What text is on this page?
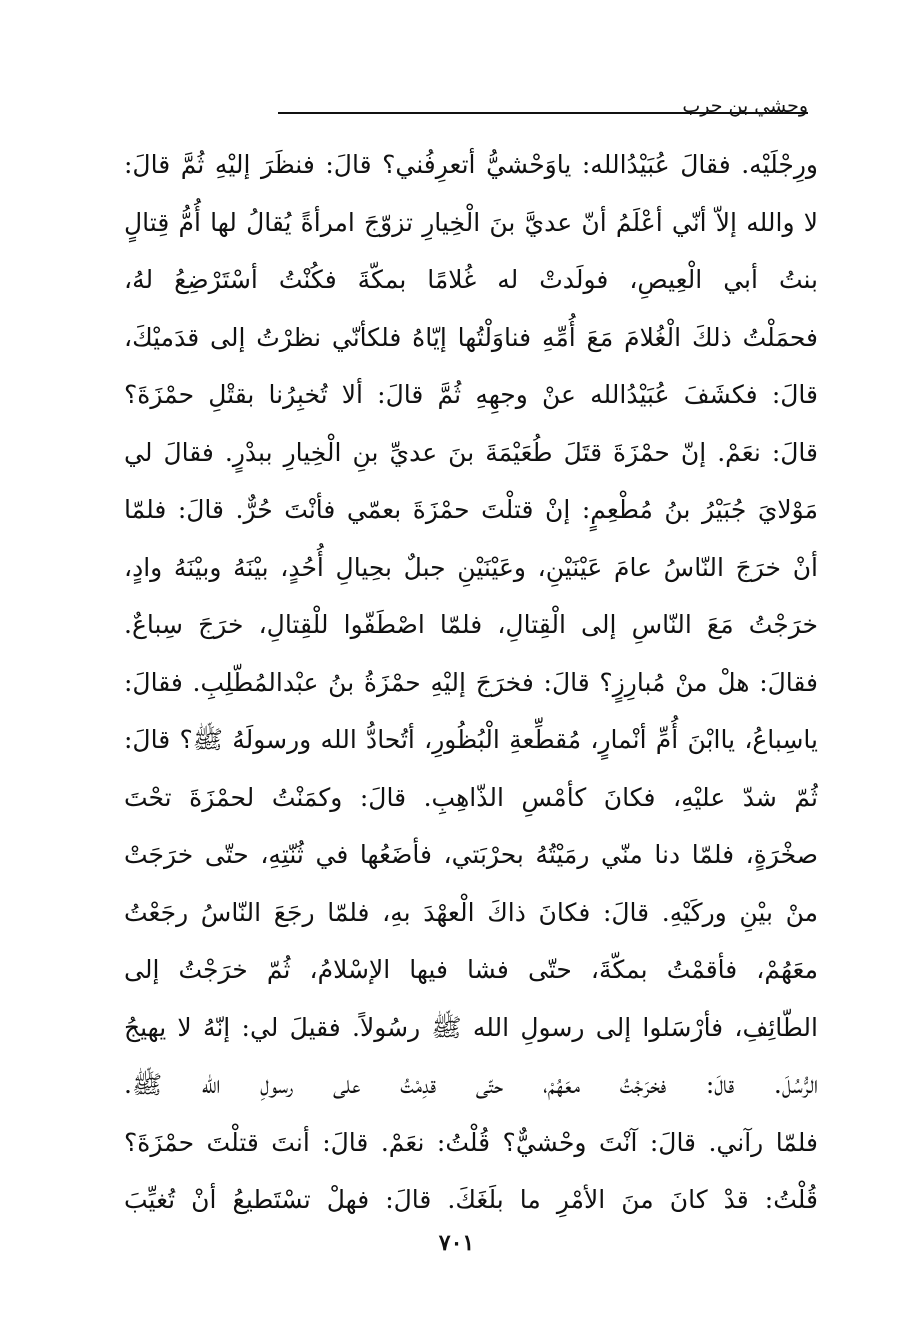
وحشي بن حرب
ورِجْلَيْه. فقالَ عُبَيْدُالله: ياوَحْشيُّ أتعرِفُني؟ قالَ: فنظَرَ إليْهِ ثُمَّ قالَ:
لا والله إلاّ أنّي أعْلَمُ أنّ عديَّ بنَ الْخِيارِ تزوّجَ امرأةً يُقالُ لها أُمُّ قِتالٍ
بنتُ أبي الْعِيصِ، فولَدتْ له غُلامًا بمكّةَ فكُنْتُ أسْتَرْضِعُ لهُ،
فحمَلْتُ ذلكَ الْغُلامَ مَعَ أُمِّهِ فناوَلْتُها إيّاهُ فلكأنّي نظرْتُ إلى قدَميْكَ،
قالَ: فكشَفَ عُبَيْدُالله عنْ وجهِهِ ثُمَّ قالَ: ألا تُخبِرُنا بقتْلِ حمْزَةَ؟
قالَ: نعَمْ. إنّ حمْزَةَ قتَلَ طُعَيْمَةَ بنَ عديِّ بنِ الْخِيارِ ببدْرٍ. فقالَ لي
مَوْلايَ جُبَيْرُ بنُ مُطْعِمٍ: إنْ قتلْتَ حمْزَةَ بعمّي فأنْتَ حُرٌّ. قالَ: فلمّا
أنْ خرَجَ النّاسُ عامَ عَيْنَيْنِ، وعَيْنَيْنِ جبلٌ بحِيالِ أُحُدٍ، بيْنَهُ وبيْنَهُ وادٍ،
خرَجْتُ مَعَ النّاسِ إلى الْقِتالِ، فلمّا اصْطَفّوا للْقِتالِ، خرَجَ سِباعٌ.
فقالَ: هلْ منْ مُبارِزٍ؟ قالَ: فخرَجَ إليْهِ حمْزَةُ بنُ عبْدالمُطّلِبِ. فقالَ:
ياسِباعُ، ياابْنَ أُمِّ أنْمارٍ، مُقطِّعةِ الْبُظُورِ، أتُحادُّ الله ورسولَهُ ﷺ؟ قالَ:
ثُمّ شدّ عليْهِ، فكانَ كأمْسِ الذّاهِبِ. قالَ: وكمَنْتُ لحمْزَةَ تحْتَ
صخْرَةٍ، فلمّا دنا منّي رمَيْتُهُ بحرْبَتي، فأضَعُها في ثُنّتِهِ، حتّى خرَجَتْ
منْ بيْنِ وركَيْهِ. قالَ: فكانَ ذاكَ الْعهْدَ بهِ، فلمّا رجَعَ النّاسُ رجَعْتُ
معَهُمْ، فأقمْتُ بمكّةَ، حتّى فشا فيها الإسْلامُ، ثُمّ خرَجْتُ إلى
الطّائِفِ، فأرْسَلوا إلى رسولِ الله ﷺ رسُولاً. فقيلَ لي: إنّهُ لا يهيجُ
الرُّسُلَ. قالَ: فخرَجْتُ معَهُمْ، حتّى قدِمْتُ على رسولِ الله ﷺ.
فلمّا رآني. قالَ: آنْتَ وحْشيٌّ؟ قُلْتُ: نعَمْ. قالَ: أنتَ قتلْتَ حمْزَةَ؟
قُلْتُ: قدْ كانَ منَ الأمْرِ ما بلَغَكَ. قالَ: فهلْ تسْتَطيعُ أنْ تُغيِّبَ
٧٠١
